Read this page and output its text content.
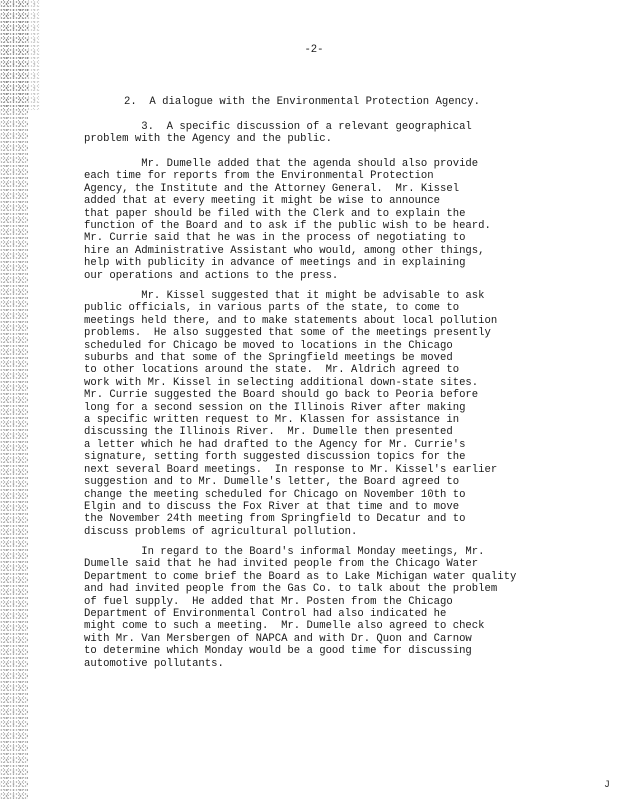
-2-
2.  A dialogue with the Environmental Protection Agency.
3.  A specific discussion of a relevant geographical
problem with the Agency and the public.
Mr. Dumelle added that the agenda should also provide
each time for reports from the Environmental Protection
Agency, the Institute and the Attorney General.  Mr. Kissel
added that at every meeting it might be wise to announce
that paper should be filed with the Clerk and to explain the
function of the Board and to ask if the public wish to be heard.
Mr. Currie said that he was in the process of negotiating to
hire an Administrative Assistant who would, among other things,
help with publicity in advance of meetings and in explaining
our operations and actions to the press.
Mr. Kissel suggested that it might be advisable to ask
public officials, in various parts of the state, to come to
meetings held there, and to make statements about local pollution
problems.  He also suggested that some of the meetings presently
scheduled for Chicago be moved to locations in the Chicago
suburbs and that some of the Springfield meetings be moved
to other locations around the state.  Mr. Aldrich agreed to
work with Mr. Kissel in selecting additional down-state sites.
Mr. Currie suggested the Board should go back to Peoria before
long for a second session on the Illinois River after making
a specific written request to Mr. Klassen for assistance in
discussing the Illinois River.  Mr. Dumelle then presented
a letter which he had drafted to the Agency for Mr. Currie's
signature, setting forth suggested discussion topics for the
next several Board meetings.  In response to Mr. Kissel's earlier
suggestion and to Mr. Dumelle's letter, the Board agreed to
change the meeting scheduled for Chicago on November 10th to
Elgin and to discuss the Fox River at that time and to move
the November 24th meeting from Springfield to Decatur and to
discuss problems of agricultural pollution.
In regard to the Board's informal Monday meetings, Mr.
Dumelle said that he had invited people from the Chicago Water
Department to come brief the Board as to Lake Michigan water quality
and had invited people from the Gas Co. to talk about the problem
of fuel supply.  He added that Mr. Posten from the Chicago
Department of Environmental Control had also indicated he
might come to such a meeting.  Mr. Dumelle also agreed to check
with Mr. Van Mersbergen of NAPCA and with Dr. Quon and Carnow
to determine which Monday would be a good time for discussing
automotive pollutants.
J
